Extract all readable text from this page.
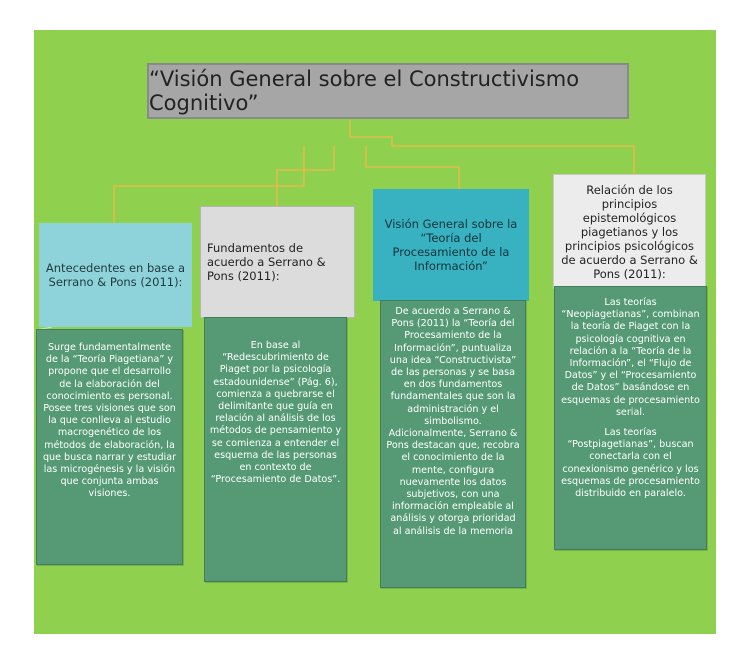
“Visión General sobre el Constructivismo Cognitivo”
Antecedentes en base a Serrano & Pons (2011):
Fundamentos de acuerdo a Serrano & Pons (2011):
Visión General sobre la “Teoría del Procesamiento de la Información”
Relación de los principios epistemológicos piagetianos y los principios psicológicos de acuerdo a Serrano & Pons (2011):
Surge fundamentalmente de la “Teoría Piagetiana” y propone que el desarrollo de la elaboración del conocimiento es personal. Posee tres visiones que son la que conlleva al estudio macrogenético de los métodos de elaboración, la que busca narrar y estudiar las microgénesis y la visión que conjunta ambas visiones.
En base al “Redescubrimiento de Piaget por la psicología estadounidense” (Pág. 6), comienza a quebrarse el delimitante que guía en relación al análisis de los métodos de pensamiento y se comienza a entender el esquema de las personas en contexto de “Procesamiento de Datos”.
De acuerdo a Serrano & Pons (2011) la “Teoría del Procesamiento de la Información”, puntualiza una idea “Constructivista” de las personas y se basa en dos fundamentos fundamentales que son la administración y el simbolismo. Adicionalmente, Serrano & Pons destacan que, recobra el conocimiento de la mente, configura nuevamente los datos subjetivos, con una información empleable al análisis y otorga prioridad al análisis de la memoria
Las teorías “Neopiagetianas”, combinan la teoría de Piaget con la psicología cognitiva en relación a la “Teoría de la Información”, el “Flujo de Datos” y el “Procesamiento de Datos” basándose en esquemas de procesamiento serial.
Las teorías “Postpiagetianas”, buscan conectarla con el conexionismo genérico y los esquemas de procesamiento distribuido en paralelo.
